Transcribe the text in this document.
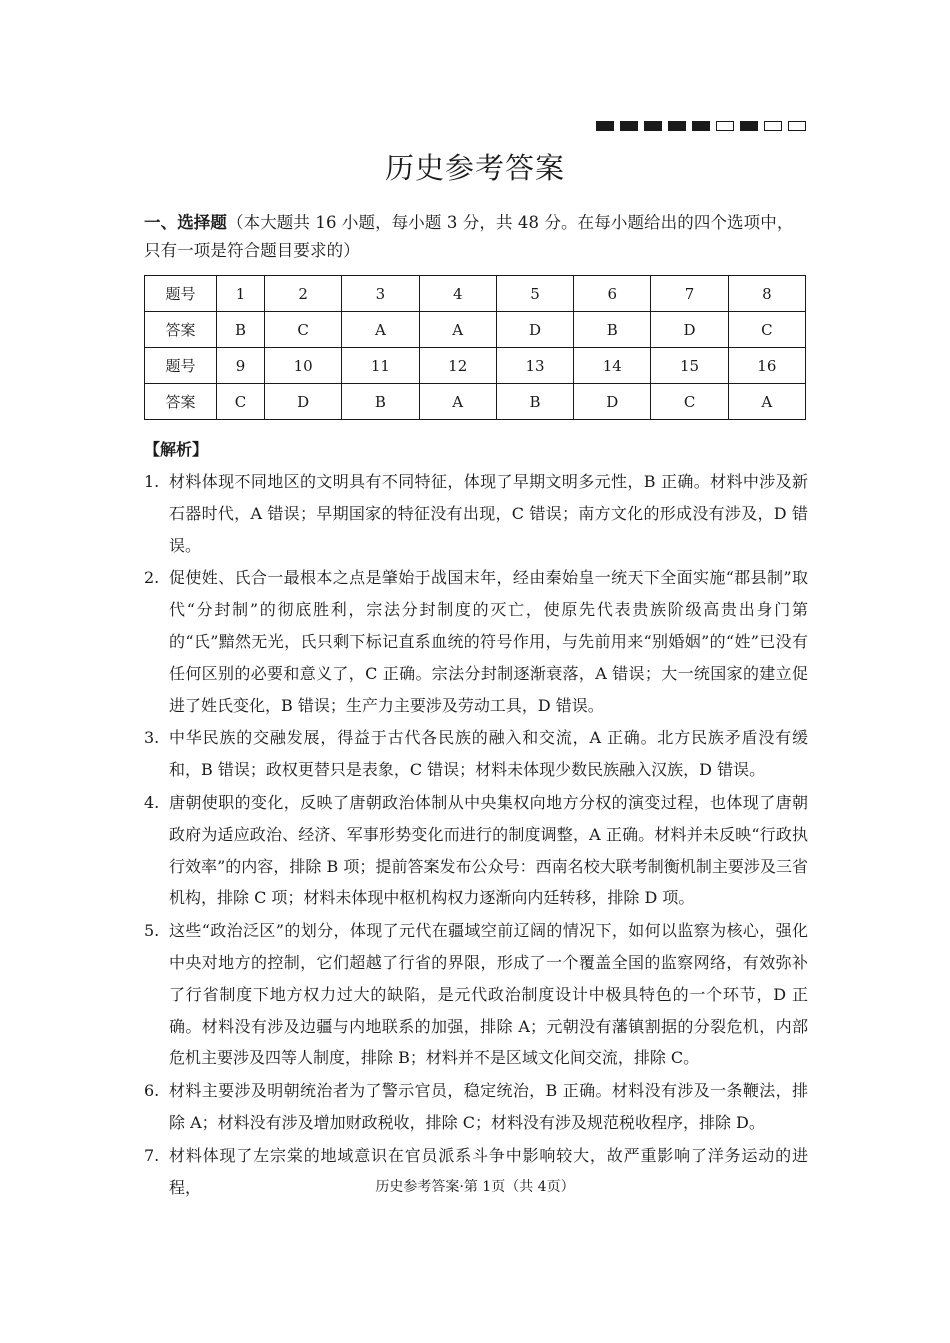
历史参考答案
一、选择题（本大题共 16 小题，每小题 3 分，共 48 分。在每小题给出的四个选项中，只有一项是符合题目要求的）
题号	1	2	3	4	5	6	7	8
答案	B	C	A	A	D	B	D	C
题号	9	10	11	12	13	14	15	16
答案	C	D	B	A	B	D	C	A
【解析】
1. 材料体现不同地区的文明具有不同特征，体现了早期文明多元性，B 正确。材料中涉及新石器时代，A 错误；早期国家的特征没有出现，C 错误；南方文化的形成没有涉及，D 错误。
2. 促使姓、氏合一最根本之点是肇始于战国末年，经由秦始皇一统天下全面实施“郡县制”取代“分封制”的彻底胜利，宗法分封制度的灭亡，使原先代表贵族阶级高贵出身门第的“氏”黯然无光，氏只剩下标记直系血统的符号作用，与先前用来“别婚姻”的“姓”已没有任何区别的必要和意义了，C 正确。宗法分封制逐渐衰落，A 错误；大一统国家的建立促进了姓氏变化，B 错误；生产力主要涉及劳动工具，D 错误。
3. 中华民族的交融发展，得益于古代各民族的融入和交流，A 正确。北方民族矛盾没有缓和，B 错误；政权更替只是表象，C 错误；材料未体现少数民族融入汉族，D 错误。
4. 唐朝使职的变化，反映了唐朝政治体制从中央集权向地方分权的演变过程，也体现了唐朝政府为适应政治、经济、军事形势变化而进行的制度调整，A 正确。材料并未反映“行政执行效率”的内容，排除 B 项；提前答案发布公众号：西南名校大联考制衡机制主要涉及三省机构，排除 C 项；材料未体现中枢机构权力逐渐向内廷转移，排除 D 项。
5. 这些“政治泛区”的划分，体现了元代在疆域空前辽阔的情况下，如何以监察为核心，强化中央对地方的控制，它们超越了行省的界限，形成了一个覆盖全国的监察网络，有效弥补了行省制度下地方权力过大的缺陷，是元代政治制度设计中极具特色的一个环节，D 正确。材料没有涉及边疆与内地联系的加强，排除 A；元朝没有藩镇割据的分裂危机，内部危机主要涉及四等人制度，排除 B；材料并不是区域文化间交流，排除 C。
6. 材料主要涉及明朝统治者为了警示官员，稳定统治，B 正确。材料没有涉及一条鞭法，排除 A；材料没有涉及增加财政税收，排除 C；材料没有涉及规范税收程序，排除 D。
7. 材料体现了左宗棠的地域意识在官员派系斗争中影响较大，故严重影响了洋务运动的进程，	历史参考答案·第 1页（共 4页）
